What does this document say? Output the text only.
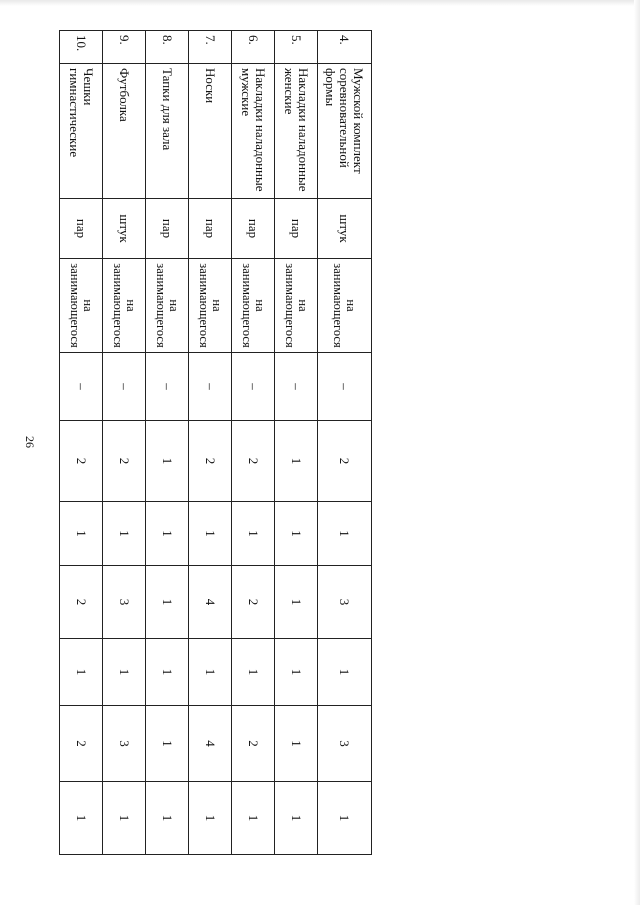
26
4.	Мужской комплект соревновательной формы	штук	на занимающегося	–	2	1	3	1	3	1
5.	Накладки наладонные женские	пар	на занимающегося	–	1	1	1	1	1	1
6.	Накладки наладонные мужские	пар	на занимающегося	–	2	1	2	1	2	1
7.	Носки	пар	на занимающегося	–	2	1	4	1	4	1
8.	Тапки для зала	пар	на занимающегося	–	1	1	1	1	1	1
9.	Футболка	штук	на занимающегося	–	2	1	3	1	3	1
10.	Чешки гимнастические	пар	на занимающегося	–	2	1	2	1	2	1
